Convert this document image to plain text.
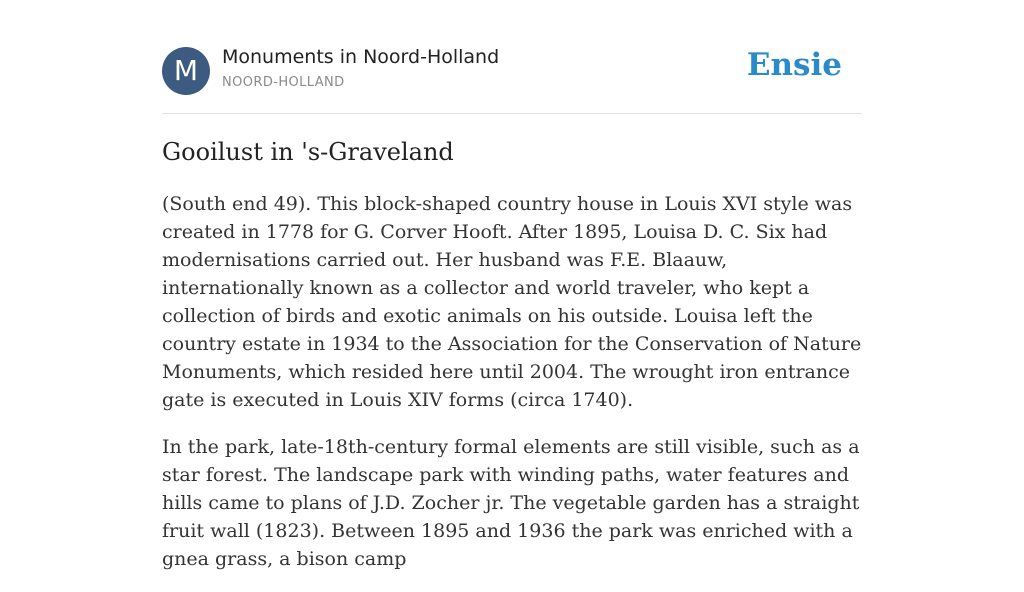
M	Monuments in Noord-Holland
NOORD-HOLLAND	Ensie
Gooilust in 's-Graveland

(South end 49). This block-shaped country house in Louis XVI style was created in 1778 for G. Corver Hooft. After 1895, Louisa D. C. Six had modernisations carried out. Her husband was F.E. Blaauw, internationally known as a collector and world traveler, who kept a collection of birds and exotic animals on his outside. Louisa left the country estate in 1934 to the Association for the Conservation of Nature Monuments, which resided here until 2004. The wrought iron entrance gate is executed in Louis XIV forms (circa 1740).

In the park, late-18th-century formal elements are still visible, such as a star forest. The landscape park with winding paths, water features and hills came to plans of J.D. Zocher jr. The vegetable garden has a straight fruit wall (1823). Between 1895 and 1936 the park was enriched with a gnea grass, a bison camp
